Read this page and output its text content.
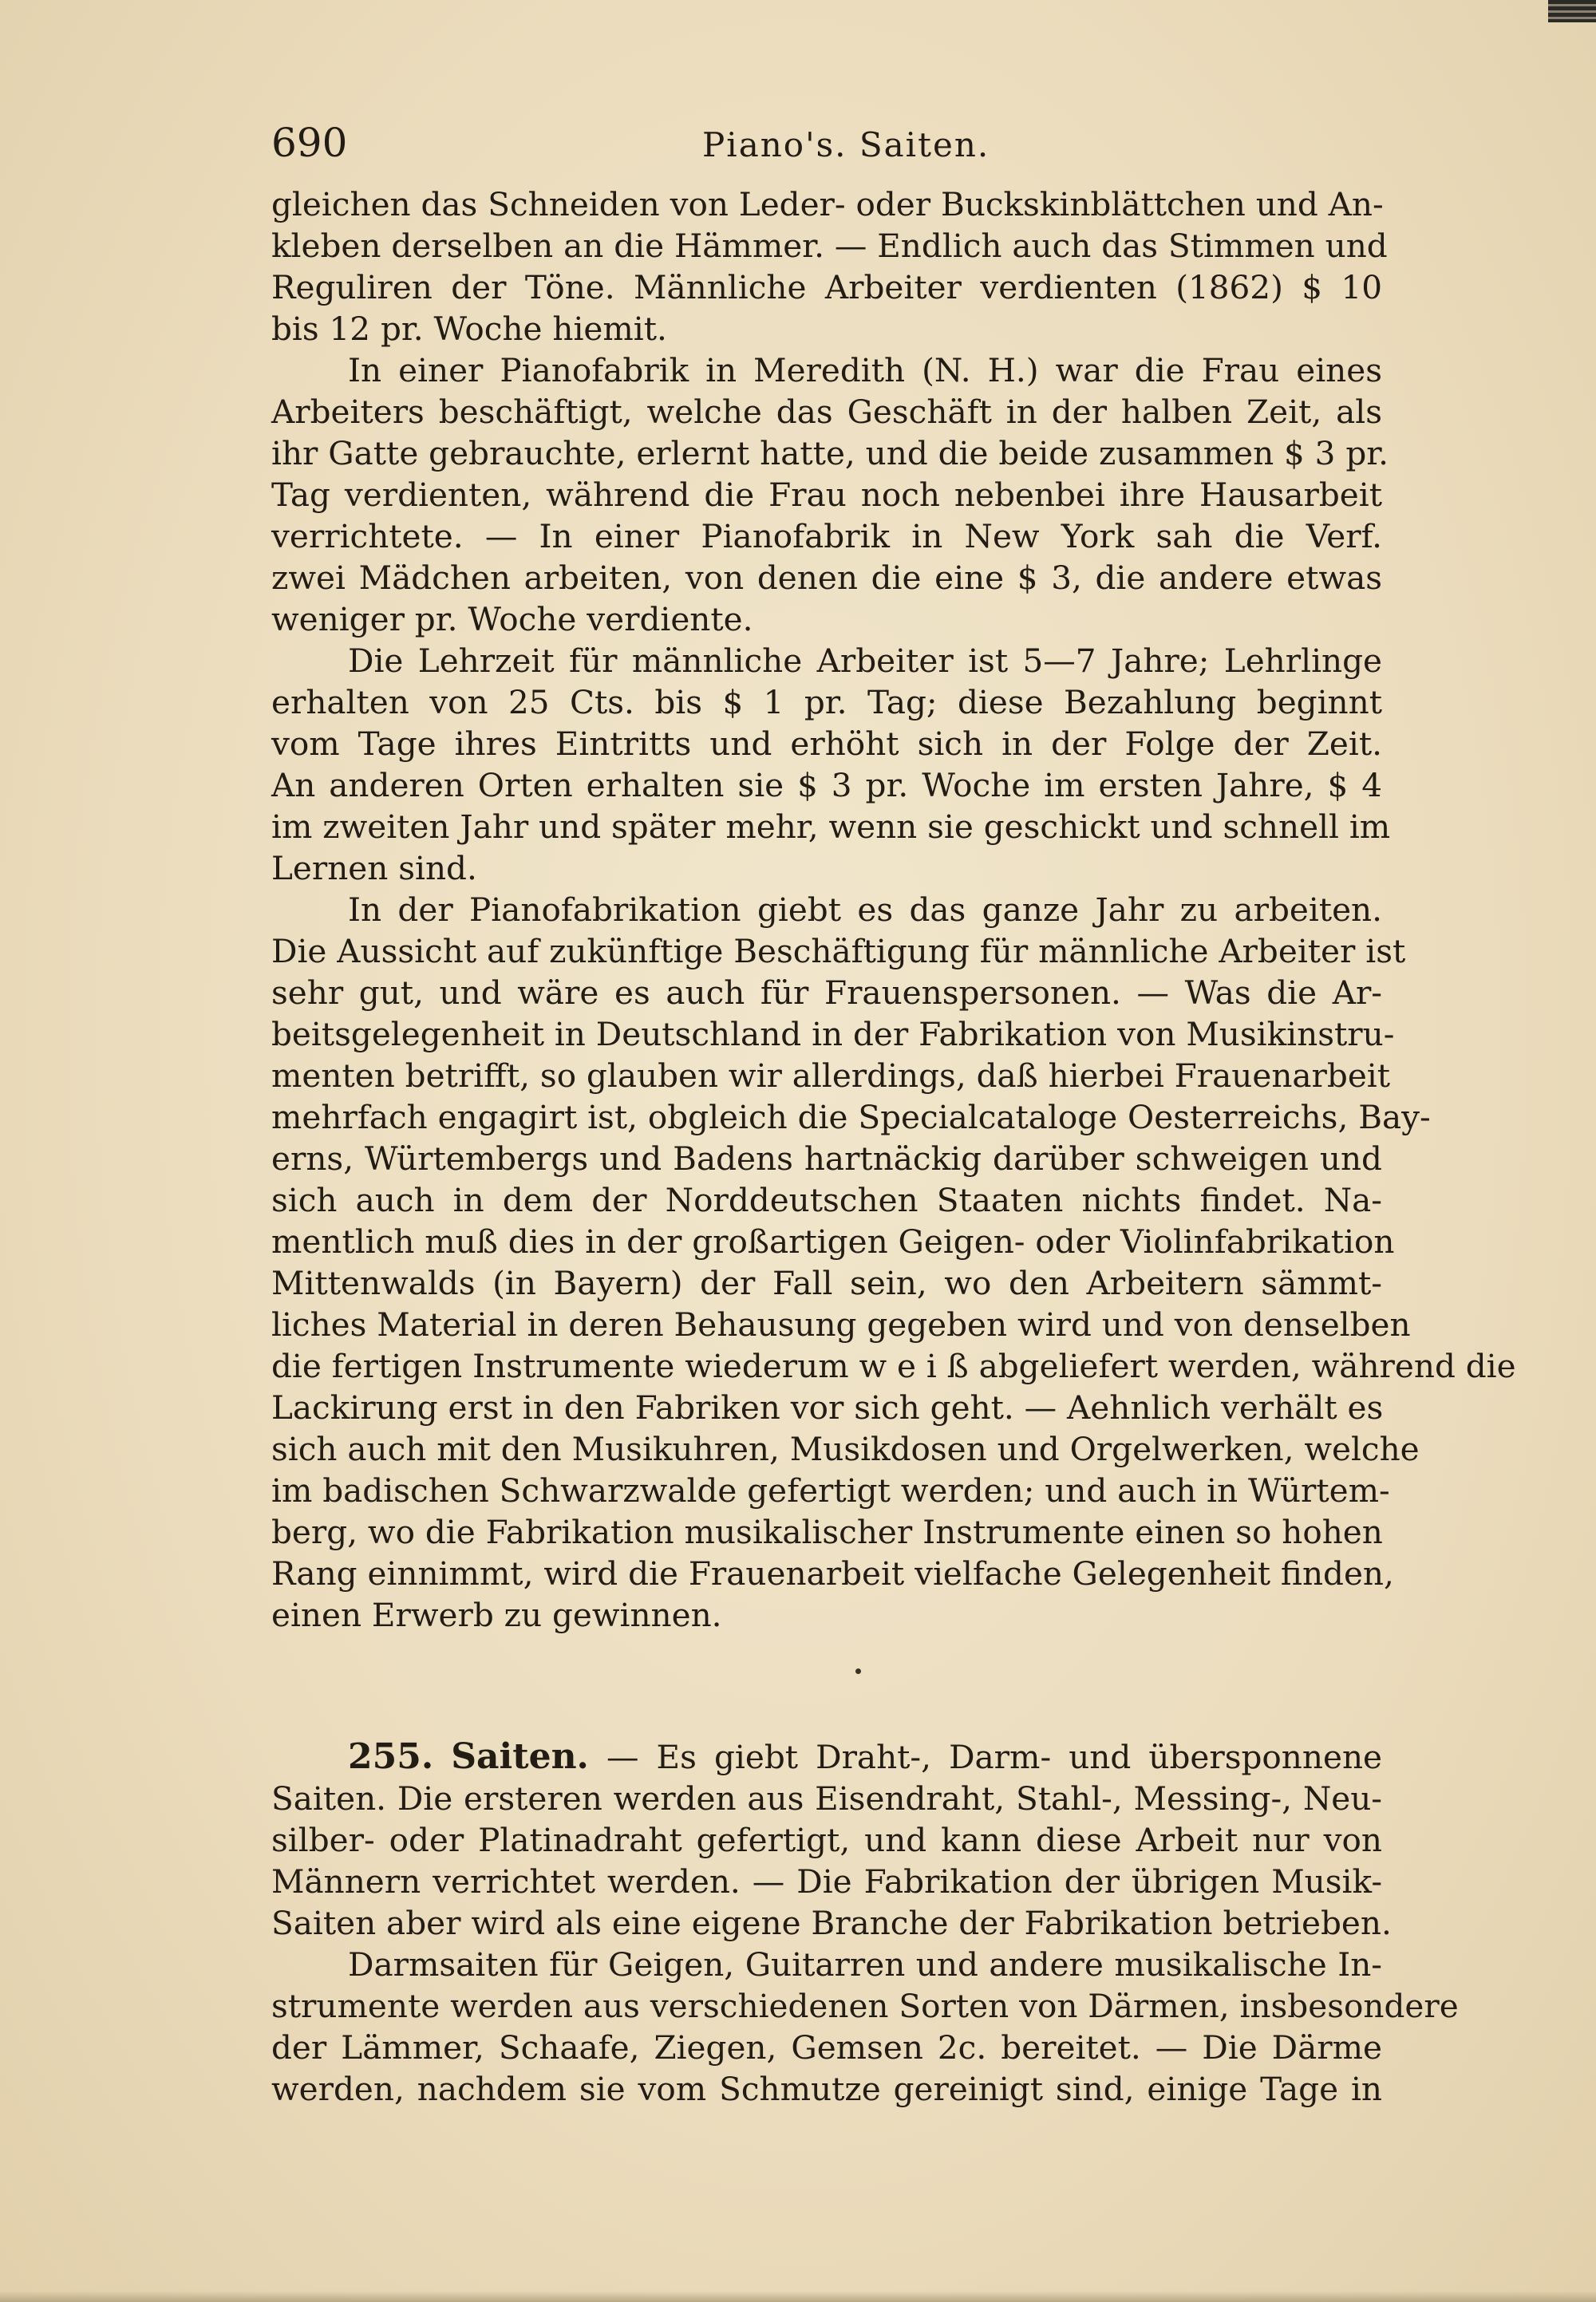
690	Piano's. Saiten.
gleichen das Schneiden von Leder- oder Buckskinblättchen und An-
kleben derselben an die Hämmer. — Endlich auch das Stimmen und
Reguliren der Töne. Männliche Arbeiter verdienten (1862) $ 10
bis 12 pr. Woche hiemit.
In einer Pianofabrik in Meredith (N. H.) war die Frau eines
Arbeiters beschäftigt, welche das Geschäft in der halben Zeit, als
ihr Gatte gebrauchte, erlernt hatte, und die beide zusammen $ 3 pr.
Tag verdienten, während die Frau noch nebenbei ihre Hausarbeit
verrichtete. — In einer Pianofabrik in New York sah die Verf.
zwei Mädchen arbeiten, von denen die eine $ 3, die andere etwas
weniger pr. Woche verdiente.
Die Lehrzeit für männliche Arbeiter ist 5—7 Jahre; Lehrlinge
erhalten von 25 Cts. bis $ 1 pr. Tag; diese Bezahlung beginnt
vom Tage ihres Eintritts und erhöht sich in der Folge der Zeit.
An anderen Orten erhalten sie $ 3 pr. Woche im ersten Jahre, $ 4
im zweiten Jahr und später mehr, wenn sie geschickt und schnell im
Lernen sind.
In der Pianofabrikation giebt es das ganze Jahr zu arbeiten.
Die Aussicht auf zukünftige Beschäftigung für männliche Arbeiter ist
sehr gut, und wäre es auch für Frauenspersonen. — Was die Ar-
beitsgelegenheit in Deutschland in der Fabrikation von Musikinstru-
menten betrifft, so glauben wir allerdings, daß hierbei Frauenarbeit
mehrfach engagirt ist, obgleich die Specialcataloge Oesterreichs, Bay-
erns, Würtembergs und Badens hartnäckig darüber schweigen und
sich auch in dem der Norddeutschen Staaten nichts findet. Na-
mentlich muß dies in der großartigen Geigen- oder Violinfabrikation
Mittenwalds (in Bayern) der Fall sein, wo den Arbeitern sämmt-
liches Material in deren Behausung gegeben wird und von denselben
die fertigen Instrumente wiederum w e i ß abgeliefert werden, während die
Lackirung erst in den Fabriken vor sich geht. — Aehnlich verhält es
sich auch mit den Musikuhren, Musikdosen und Orgelwerken, welche
im badischen Schwarzwalde gefertigt werden; und auch in Würtem-
berg, wo die Fabrikation musikalischer Instrumente einen so hohen
Rang einnimmt, wird die Frauenarbeit vielfache Gelegenheit finden,
einen Erwerb zu gewinnen.
255. Saiten. — Es giebt Draht-, Darm- und übersponnene
Saiten. Die ersteren werden aus Eisendraht, Stahl-, Messing-, Neu-
silber- oder Platinadraht gefertigt, und kann diese Arbeit nur von
Männern verrichtet werden. — Die Fabrikation der übrigen Musik-
Saiten aber wird als eine eigene Branche der Fabrikation betrieben.
Darmsaiten für Geigen, Guitarren und andere musikalische In-
strumente werden aus verschiedenen Sorten von Därmen, insbesondere
der Lämmer, Schaafe, Ziegen, Gemsen 2c. bereitet. — Die Därme
werden, nachdem sie vom Schmutze gereinigt sind, einige Tage in
